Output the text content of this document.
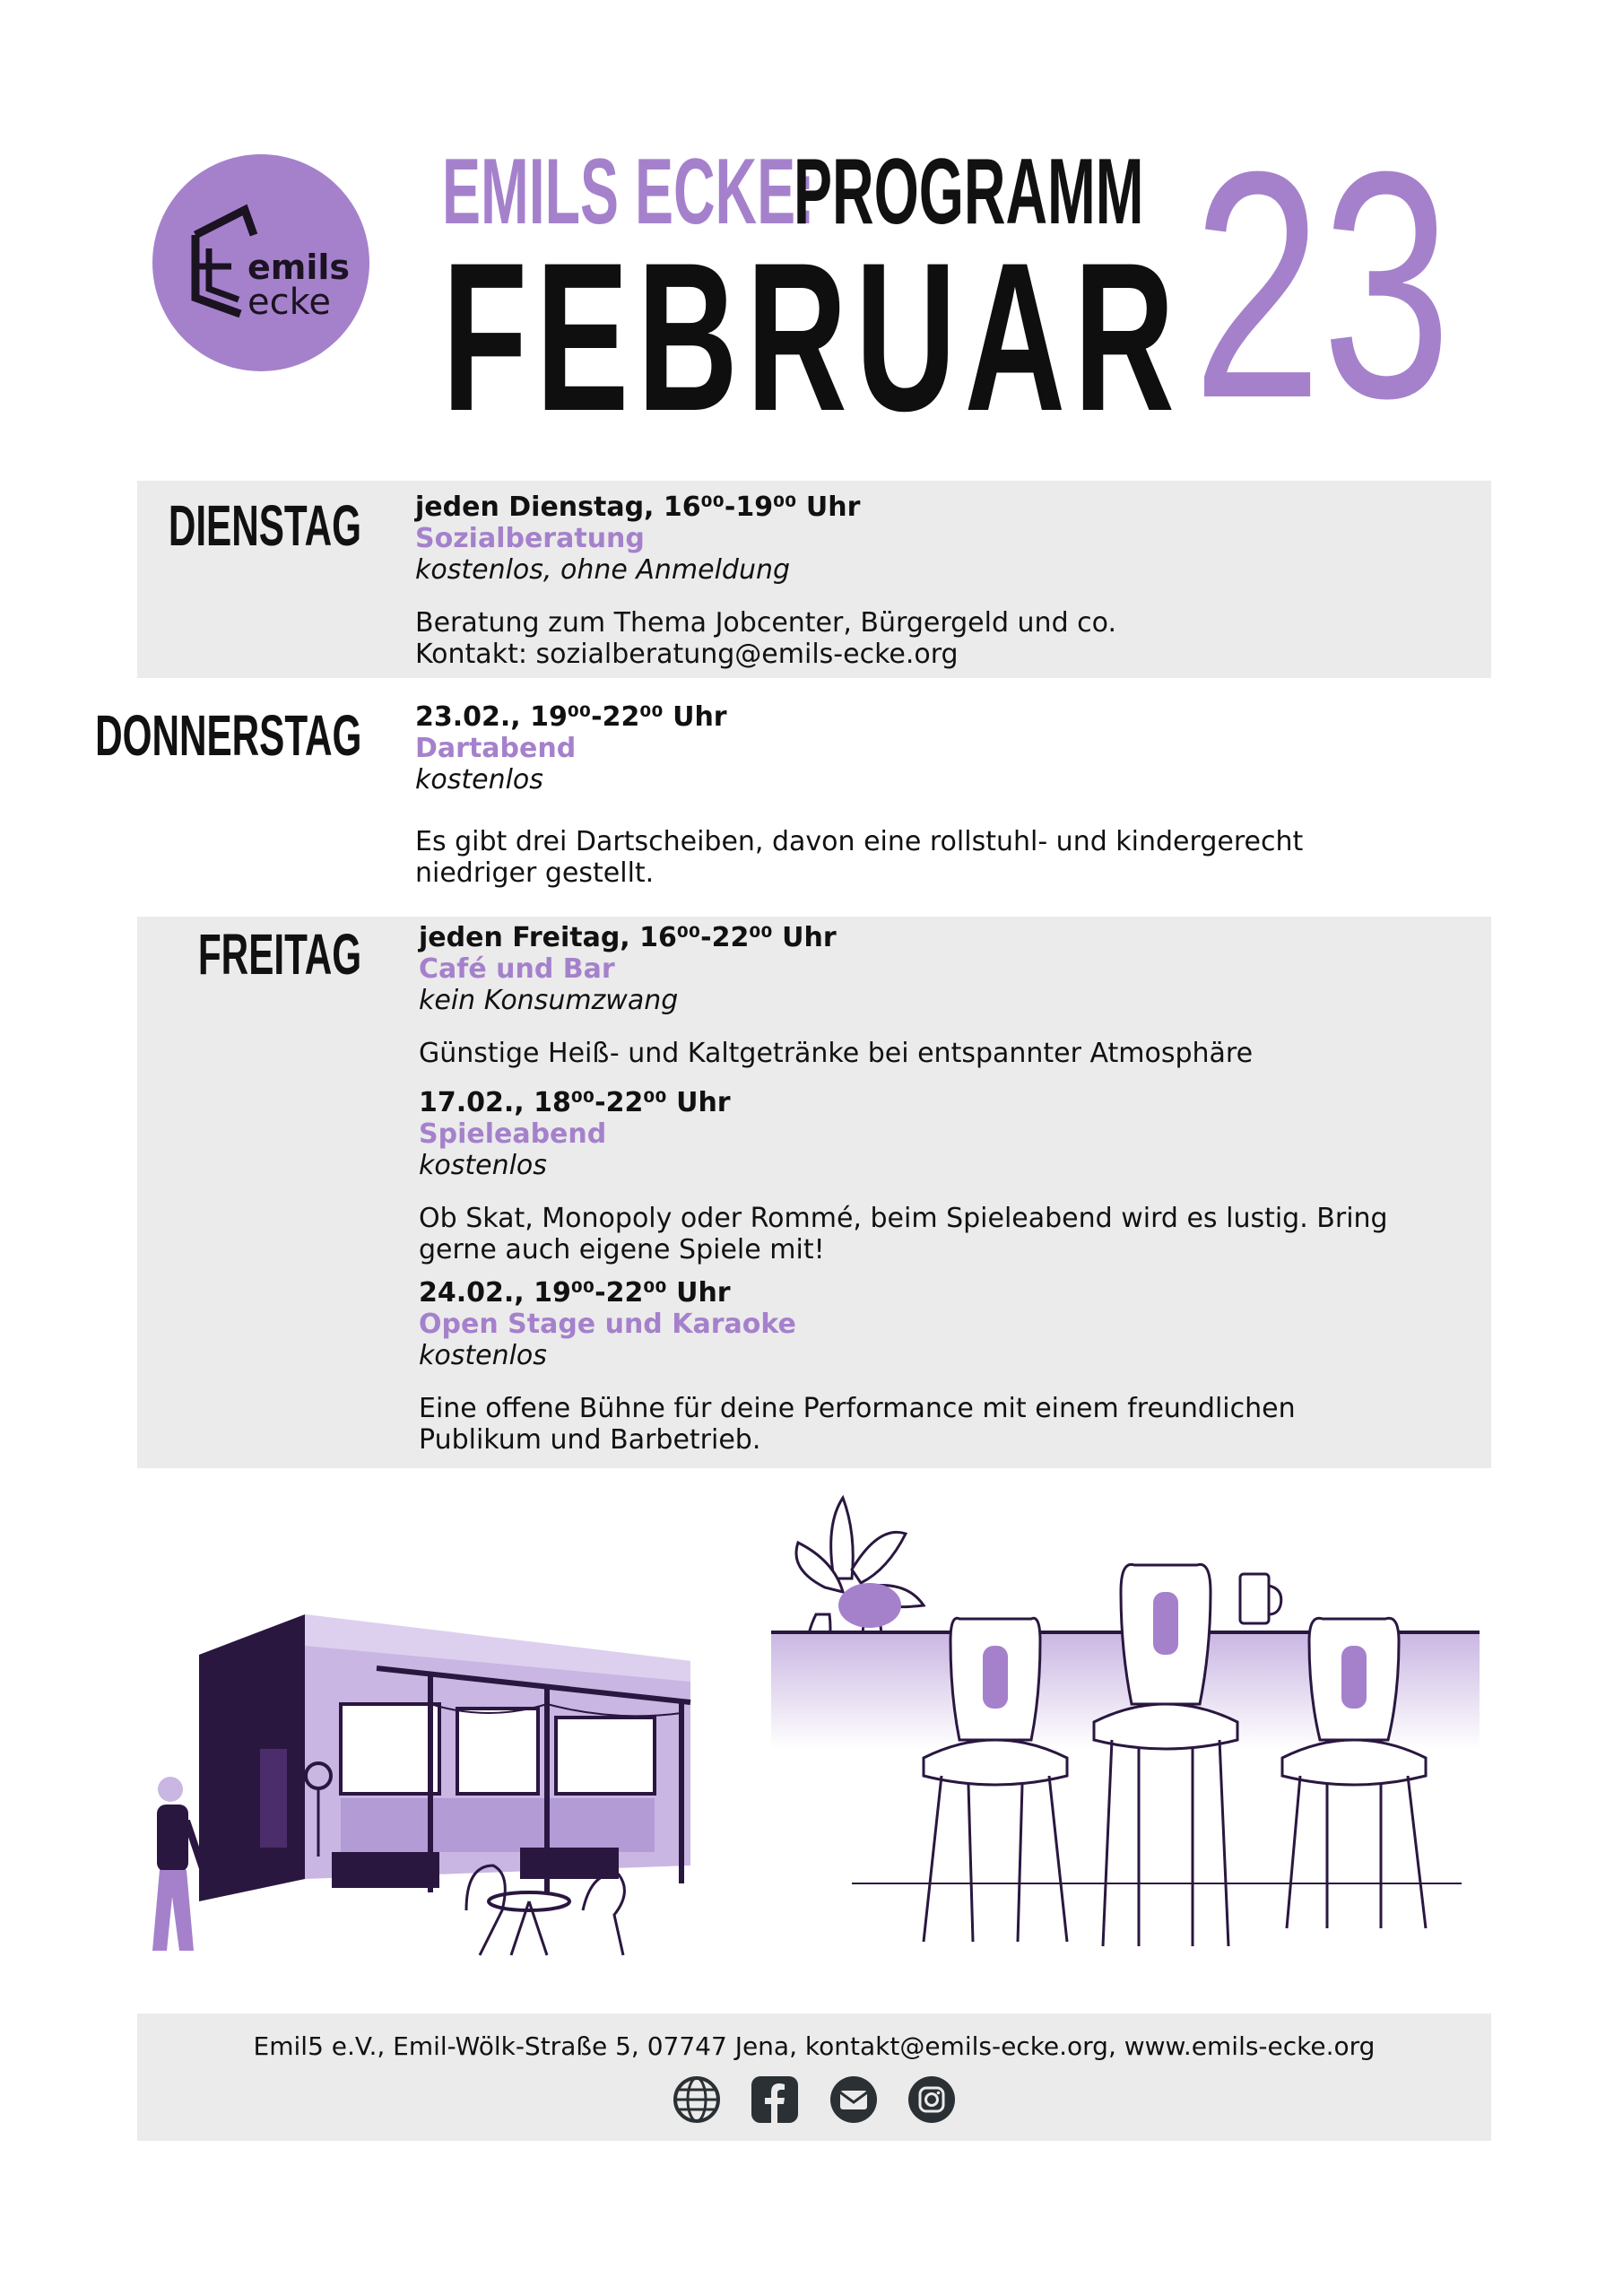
emils
ecke
EMILS ECKE:
PROGRAMM
FEBRUAR 23
DIENSTAG jeden Dienstag, 16⁰⁰-19⁰⁰ Uhr
Sozialberatung
kostenlos, ohne Anmeldung
Beratung zum Thema Jobcenter, Bürgergeld und co.
Kontakt: sozialberatung@emils-ecke.org
DONNERSTAG 23.02., 19⁰⁰-22⁰⁰ Uhr
Dartabend
kostenlos
Es gibt drei Dartscheiben, davon eine rollstuhl- und kindergerecht
niedriger gestellt.
FREITAG jeden Freitag, 16⁰⁰-22⁰⁰ Uhr
Café und Bar
kein Konsumzwang
Günstige Heiß- und Kaltgetränke bei entspannter Atmosphäre
17.02., 18⁰⁰-22⁰⁰ Uhr
Spieleabend
kostenlos
Ob Skat, Monopoly oder Rommé, beim Spieleabend wird es lustig. Bring
gerne auch eigene Spiele mit!
24.02., 19⁰⁰-22⁰⁰ Uhr
Open Stage und Karaoke
kostenlos
Eine offene Bühne für deine Performance mit einem freundlichen
Publikum und Barbetrieb.
Emil5 e.V., Emil-Wölk-Straße 5, 07747 Jena, kontakt@emils-ecke.org, www.emils-ecke.org
